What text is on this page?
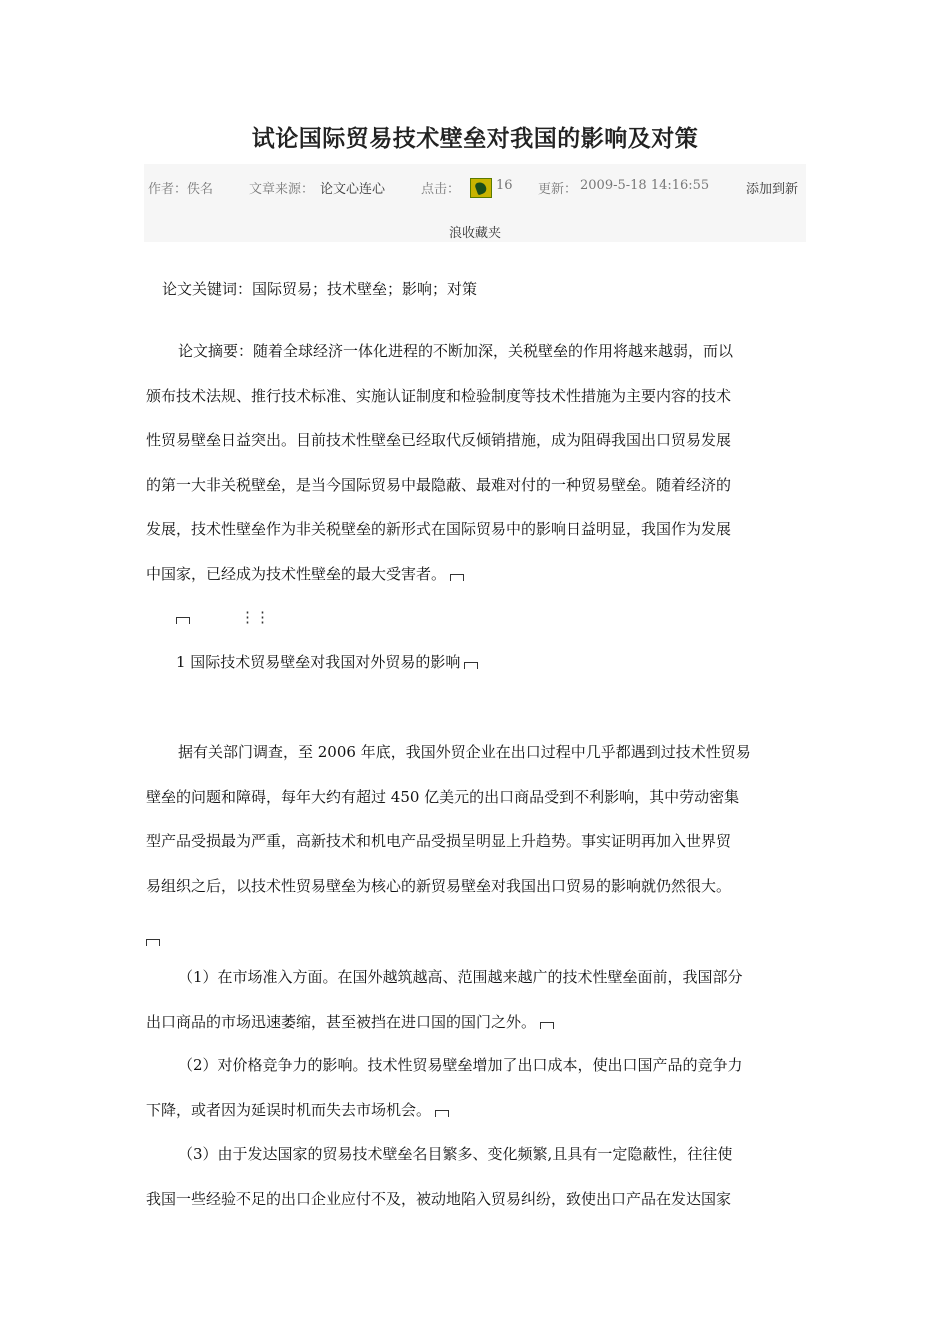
试论国际贸易技术壁垒对我国的影响及对策
作者： 佚名	文章来源： 论文心连心	点击：	16 更新： 2009-5-18 14:16:55	添加到新
浪收藏夹
论文关键词：国际贸易；技术壁垒；影响；对策
论文摘要：随着全球经济一体化进程的不断加深，关税壁垒的作用将越来越弱，而以
颁布技术法规、推行技术标准、实施认证制度和检验制度等技术性措施为主要内容的技术
性贸易壁垒日益突出。目前技术性壁垒已经取代反倾销措施，成为阻碍我国出口贸易发展
的第一大非关税壁垒，是当今国际贸易中最隐蔽、最难对付的一种贸易壁垒。随着经济的
发展，技术性壁垒作为非关税壁垒的新形式在国际贸易中的影响日益明显，我国作为发展
中国家，已经成为技术性壁垒的最大受害者。
⋮⋮
1 国际技术贸易壁垒对我国对外贸易的影响
据有关部门调查，至 2006 年底，我国外贸企业在出口过程中几乎都遇到过技术性贸易
壁垒的问题和障碍，每年大约有超过 450 亿美元的出口商品受到不利影响，其中劳动密集
型产品受损最为严重，高新技术和机电产品受损呈明显上升趋势。事实证明再加入世界贸
易组织之后，以技术性贸易壁垒为核心的新贸易壁垒对我国出口贸易的影响就仍然很大。
（1）在市场准入方面。在国外越筑越高、范围越来越广的技术性壁垒面前，我国部分
出口商品的市场迅速萎缩，甚至被挡在进口国的国门之外。
（2）对价格竞争力的影响。技术性贸易壁垒增加了出口成本，使出口国产品的竞争力
下降，或者因为延误时机而失去市场机会。
（3）由于发达国家的贸易技术壁垒名目繁多、变化频繁,且具有一定隐蔽性，往往使
我国一些经验不足的出口企业应付不及，被动地陷入贸易纠纷，致使出口产品在发达国家
